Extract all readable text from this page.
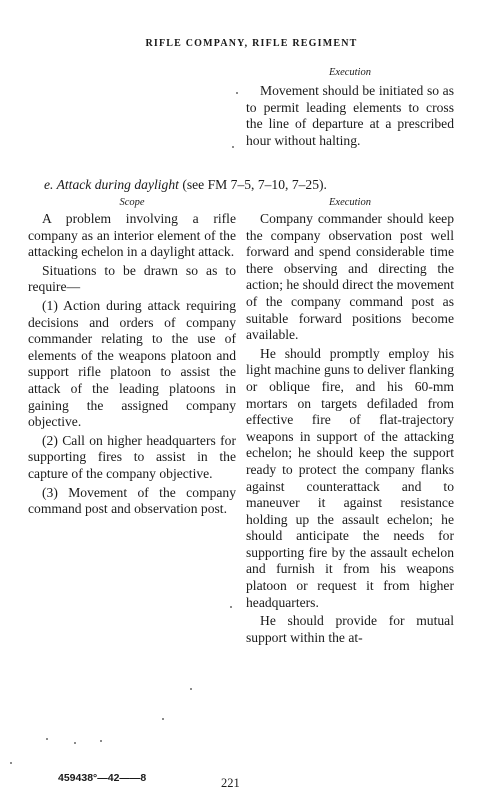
RIFLE COMPANY, RIFLE REGIMENT
Execution

Movement should be initiated so as to permit leading elements to cross the line of departure at a prescribed hour without halting.

e. Attack during daylight (see FM 7–5, 7–10, 7–25).
Scope	Execution

A problem involving a rifle company as an interior element of the attacking echelon in a daylight attack.

Situations to be drawn so as to require—

(1) Action during attack requiring decisions and orders of company commander relating to the use of elements of the weapons platoon and support rifle platoon to assist the attack of the leading platoons in gaining the assigned company objective.

(2) Call on higher headquarters for supporting fires to assist in the capture of the company objective.

(3) Movement of the company command post and observation post.

Company commander should keep the company observation post well forward and spend considerable time there observing and directing the action; he should direct the movement of the company command post as suitable forward positions become available.

He should promptly employ his light machine guns to deliver flanking or oblique fire, and his 60-mm mortars on targets defiladed from effective fire of flat-trajectory weapons in support of the attacking echelon; he should keep the support ready to protect the company flanks against counterattack and to maneuver it against resistance holding up the assault echelon; he should anticipate the needs for supporting fire by the assault echelon and furnish it from his weapons platoon or request it from higher headquarters.

He should provide for mutual support within the at-

459438°—42——8	221
